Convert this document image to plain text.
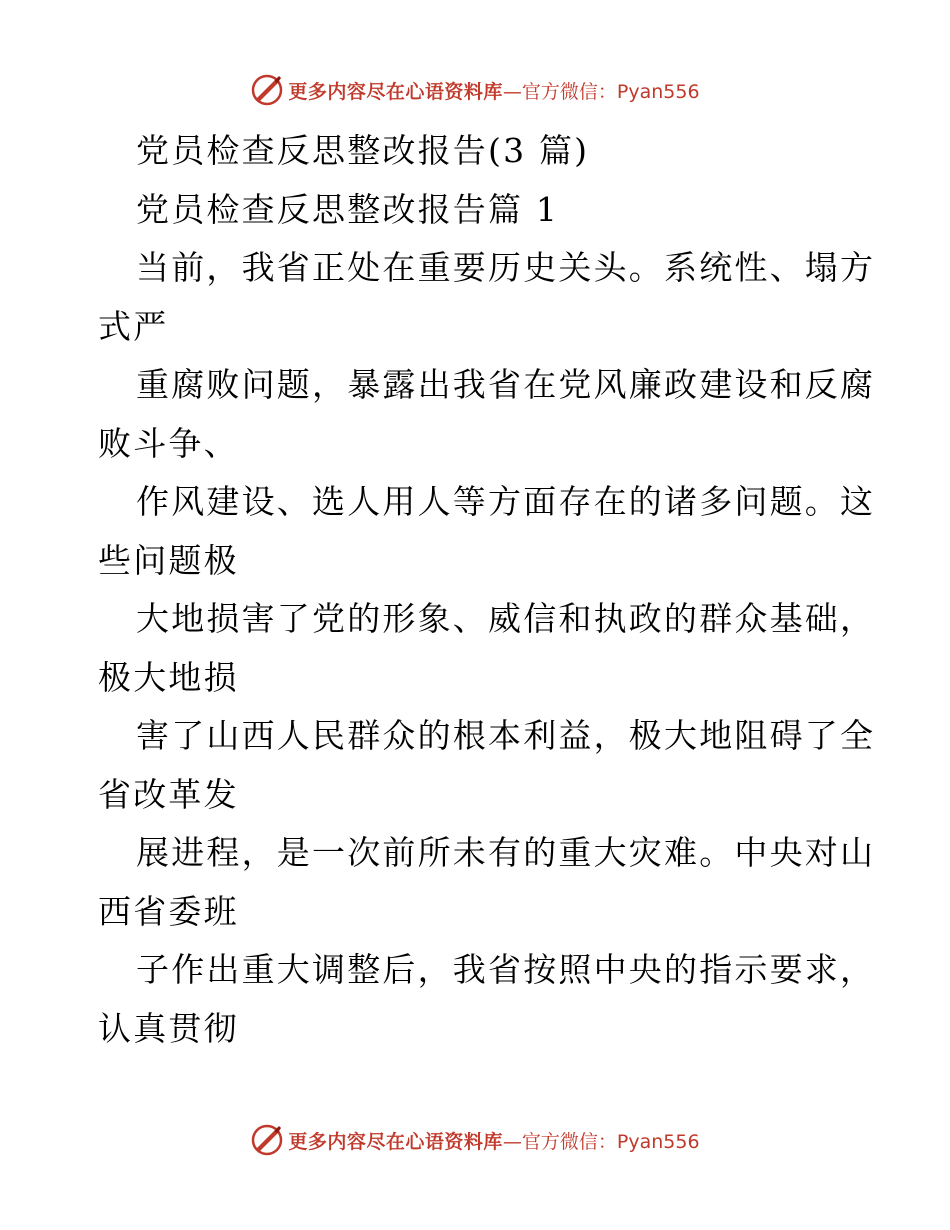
更多内容尽在心语资料库 —官方微信：Pyan556
党员检查反思整改报告(3 篇)
党员检查反思整改报告篇 1
当前，我省正处在重要历史关头。系统性、塌方
式严
重腐败问题，暴露出我省在党风廉政建设和反腐
败斗争、
作风建设、选人用人等方面存在的诸多问题。这
些问题极
大地损害了党的形象、威信和执政的群众基础，
极大地损
害了山西人民群众的根本利益，极大地阻碍了全
省改革发
展进程，是一次前所未有的重大灾难。中央对山
西省委班
子作出重大调整后，我省按照中央的指示要求，
认真贯彻
更多内容尽在心语资料库 —官方微信：Pyan556
